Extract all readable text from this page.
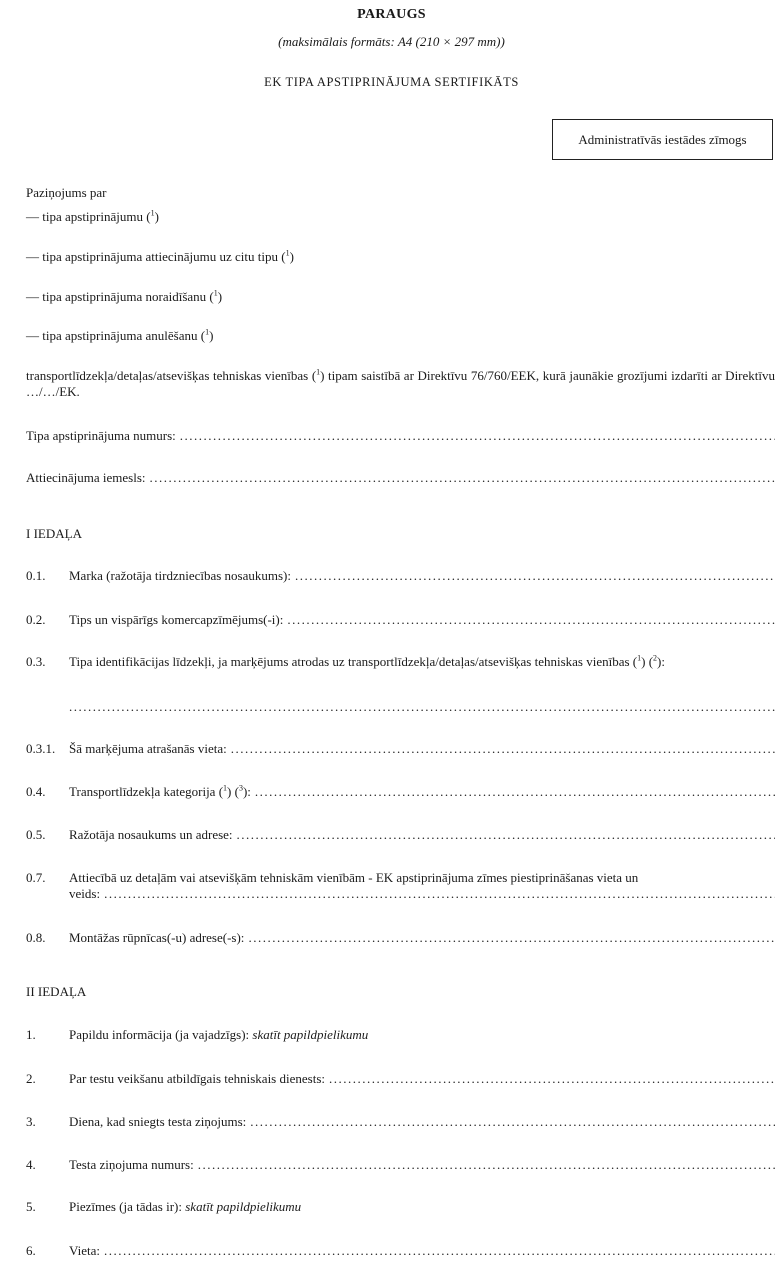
PARAUGS
(maksimālais formāts: A4 (210 × 297 mm))
EK TIPA APSTIPRINĀJUMA SERTIFIKĀTS
Administratīvās iestādes zīmogs
Paziņojums par
— tipa apstiprinājumu ($^1$)
— tipa apstiprinājuma attiecinājumu uz citu tipu ($^1$)
— tipa apstiprinājuma noraidīšanu ($^1$)
— tipa apstiprinājuma anulēšanu ($^1$)
transportlīdzekļa/detaļas/atsevišķas tehniskas vienības ($^1$) tipam saistībā ar Direktīvu 76/760/EEK, kurā jaunākie grozījumi izdarīti ar Direktīvu …/…/EK.
Tipa apstiprinājuma numurs:
.....
Attiecinājuma iemesls:
.....
I IEDAĻA
0.1.	Marka (ražotāja tirdzniecības nosaukums):
.....
0.2.	Tips un vispārīgs komercapzīmējums(-i):
.....
0.3.	Tipa identifikācijas līdzekļi, ja marķējums atrodas uz transportlīdzekļa/detaļas/atsevišķas tehniskas vienības ($^1$) ($^2$):
.....
0.3.1.	Šā marķējuma atrašanās vieta:
.....
0.4.	Transportlīdzekļa kategorija ($^1$) ($^3$):
.....
0.5.	Ražotāja nosaukums un adrese:
.....
0.7.	Attiecībā uz detaļām vai atsevišķām tehniskām vienībām - EK apstiprinājuma zīmes piestiprināšanas vieta un
veids:
.....
0.8.	Montāžas rūpnīcas(-u) adrese(-s):
.....
II IEDAĻA
1.	Papildu informācija (ja vajadzīgs): skatīt papildpielikumu
2.	Par testu veikšanu atbildīgais tehniskais dienests:
.....
3.	Diena, kad sniegts testa ziņojums:
.....
4.	Testa ziņojuma numurs:
.....
5.	Piezīmes (ja tādas ir): skatīt papildpielikumu
6.	Vieta:
.....
